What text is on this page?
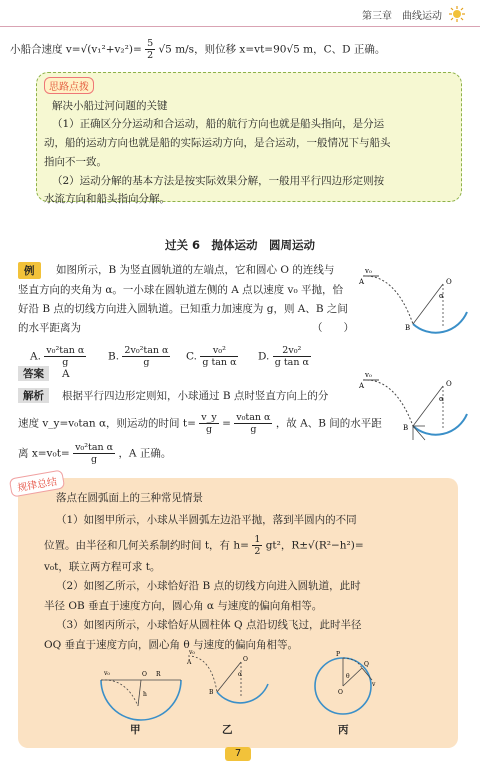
第三章　曲线运动
小船合速度 $v=√(v_1^2+v_2^2)= \frac{5}{2} √5$ m/s，则位移 x=vt=90√5 m，C、D 正确。
思路点拨
解决小船过河问题的关键
（1）正确区分分运动和合运动，船的航行方向也就是船头指向，是分运
动，船的运动方向也就是船的实际运动方向，是合运动，一般情况下与船头
指向不一致。
（2）运动分解的基本方法是按实际效果分解，一般用平行四边形定则按
水流方向和船头指向分解。
过关 6　抛体运动　圆周运动
例	如图所示，B 为竖直圆轨道的左端点，它和圆心 O 的连线与
竖直方向的夹角为 α。一小球在圆轨道左侧的 A 点以速度 v₀ 平抛，恰
好沿 B 点的切线方向进入圆轨道。已知重力加速度为 g，则 A、B 之间
的水平距离为	（　　）
A. $\frac{\text{v₀²tan α}}{g} B$. $\frac{\text{2v₀²tan α}}{g} C$. $\frac{\text{v₀²}}{\text{g tan α}} D$. $\frac{\text{2v₀²}}{\text{g tan α}}$
v₀
A	O
B
α
答案	A
解析	根据平行四边形定则知，小球通过 B 点时竖直方向上的分
速度 v_y=v₀tan α，则运动的时间 $t= \frac{v\_y}{g} = \frac{\text{v₀tan α}}{g}$ ，故 A、B 间的水平距
离 $x=v_0t= \frac{\text{v₀²tan α}}{g}$ ，A 正确。
v₀
A	O
B
α
规律总结
落点在圆弧面上的三种常见情景
（1）如图甲所示，小球从半圆弧左边沿平抛，落到半圆内的不同
位置。由半径和几何关系制约时间 t，有 $h= \frac{1}{2} gt^2$，R±√(R²−h²)=
v₀t，联立两方程可求 t。
（2）如图乙所示，小球恰好沿 B 点的切线方向进入圆轨道，此时
半径 OB 垂直于速度方向，圆心角 α 与速度的偏向角相等。
（3）如图丙所示，小球恰好从圆柱体 Q 点沿切线飞过，此时半径
OQ 垂直于速度方向，圆心角 θ 与速度的偏向角相等。
v₀	O
h
R
v₀
A	O
B
α
P
Q
O
θ
v
甲	乙	丙
7
